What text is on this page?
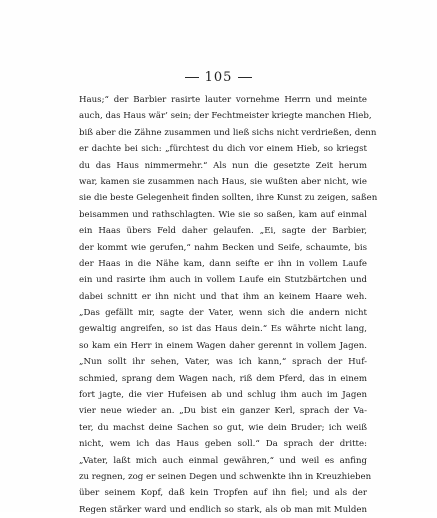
105
Haus;“ der Barbier rasirte lauter vornehme Herrn und meinte
auch, das Haus wär’ sein; der Fechtmeister kriegte manchen Hieb,
biß aber die Zähne zusammen und ließ sichs nicht verdrießen, denn
er dachte bei sich: „fürchtest du dich vor einem Hieb, so kriegst
du das Haus nimmermehr.“ Als nun die gesetzte Zeit herum
war, kamen sie zusammen nach Haus, sie wußten aber nicht, wie
sie die beste Gelegenheit finden sollten, ihre Kunst zu zeigen, saßen
beisammen und rathschlagten. Wie sie so saßen, kam auf einmal
ein Haas übers Feld daher gelaufen. „Ei, sagte der Barbier,
der kommt wie gerufen,“ nahm Becken und Seife, schaumte, bis
der Haas in die Nähe kam, dann seifte er ihn in vollem Laufe
ein und rasirte ihm auch in vollem Laufe ein Stutzbärtchen und
dabei schnitt er ihn nicht und that ihm an keinem Haare weh.
„Das gefällt mir, sagte der Vater, wenn sich die andern nicht
gewaltig angreifen, so ist das Haus dein.“ Es währte nicht lang,
so kam ein Herr in einem Wagen daher gerennt in vollem Jagen.
„Nun sollt ihr sehen, Vater, was ich kann,“ sprach der Huf-
schmied, sprang dem Wagen nach, riß dem Pferd, das in einem
fort jagte, die vier Hufeisen ab und schlug ihm auch im Jagen
vier neue wieder an. „Du bist ein ganzer Kerl, sprach der Va-
ter, du machst deine Sachen so gut, wie dein Bruder; ich weiß
nicht, wem ich das Haus geben soll.“ Da sprach der dritte:
„Vater, laßt mich auch einmal gewähren,“ und weil es anfing
zu regnen, zog er seinen Degen und schwenkte ihn in Kreuzhieben
über seinem Kopf, daß kein Tropfen auf ihn fiel; und als der
Regen stärker ward und endlich so stark, als ob man mit Mulden
